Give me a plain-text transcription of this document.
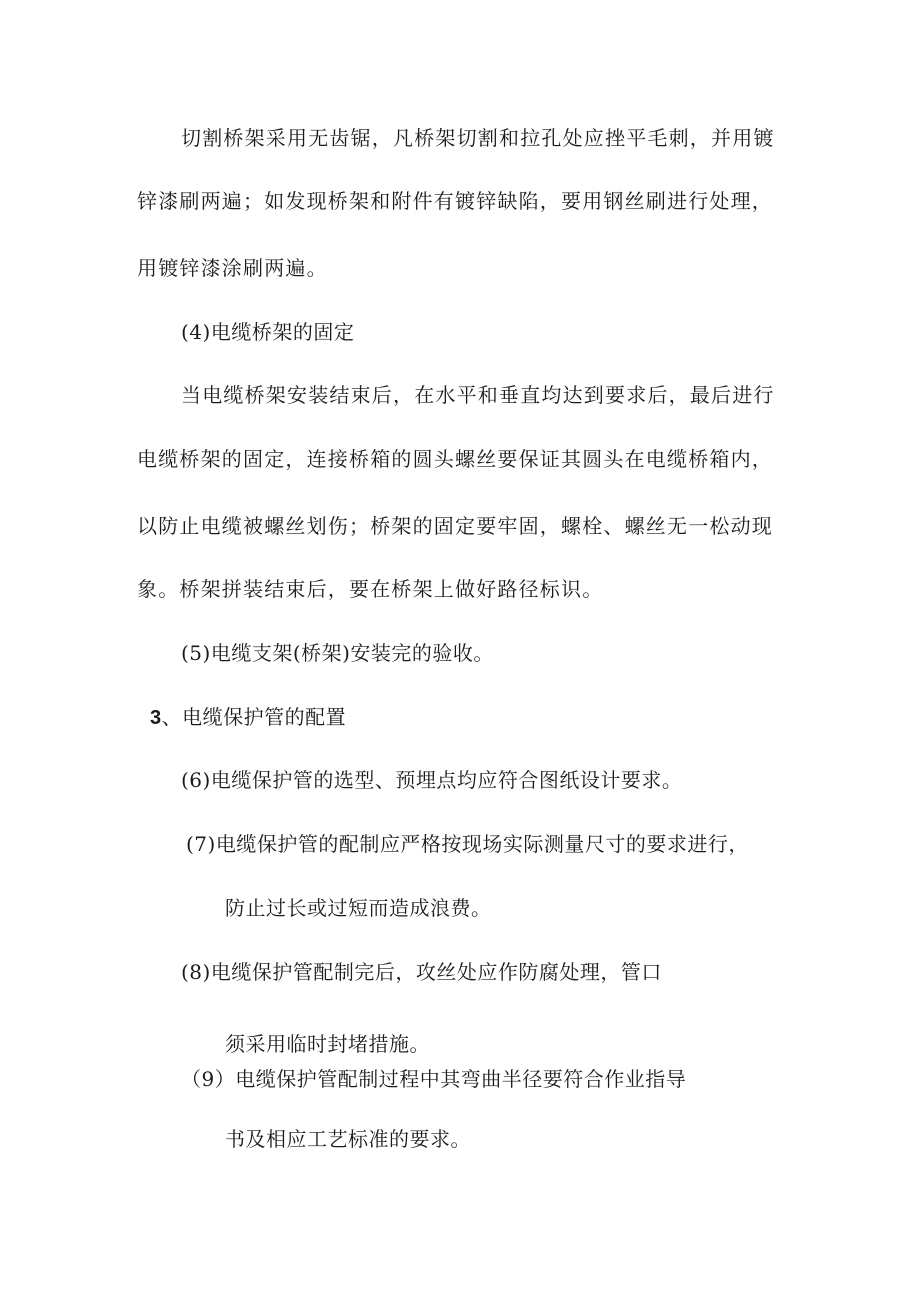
切割桥架采用无齿锯，凡桥架切割和拉孔处应挫平毛刺，并用镀
锌漆刷两遍；如发现桥架和附件有镀锌缺陷，要用钢丝刷进行处理，
用镀锌漆涂刷两遍。
(4)电缆桥架的固定
当电缆桥架安装结束后，在水平和垂直均达到要求后，最后进行
电缆桥架的固定，连接桥箱的圆头螺丝要保证其圆头在电缆桥箱内，
以防止电缆被螺丝划伤；桥架的固定要牢固，螺栓、螺丝无一松动现
象。桥架拼装结束后，要在桥架上做好路径标识。
(5)电缆支架(桥架)安装完的验收。
3、电缆保护管的配置
(6)电缆保护管的选型、预埋点均应符合图纸设计要求。
(7)电缆保护管的配制应严格按现场实际测量尺寸的要求进行，
防止过长或过短而造成浪费。
(8)电缆保护管配制完后，攻丝处应作防腐处理，管口
须采用临时封堵措施。
（9）电缆保护管配制过程中其弯曲半径要符合作业指导
书及相应工艺标准的要求。
